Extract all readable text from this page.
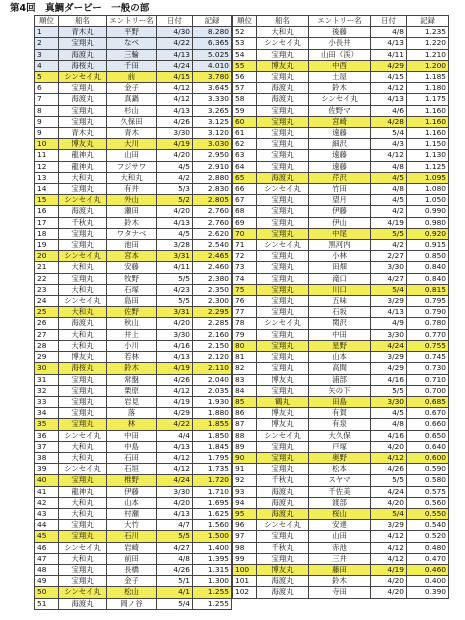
第4回　真鯛ダービー　一般の部
順位	船名	エントリー名	日付	記録
1	青木丸	平野	4/30	8.280
2	宝翔丸	なべ	4/22	6.365
3	海渡丸	三輪	4/13	5.025
4	海桜丸	千田	4/24	4.010
5	シンセイ丸	前	4/15	3.780
6	宝翔丸	金子	4/12	3.645
7	海渡丸	真鍋	4/12	3.330
8	宝翔丸	杉山	4/13	3.265
9	宝翔丸	久保田	4/26	3.125
9	青木丸	青木	3/30	3.120
10	博友丸	大川	4/19	3.030
11	龍神丸	山田	4/20	2.950
12	龍神丸	フジサワ	4/5	2.910
13	大和丸	大和丸	4/2	2.880
14	宝翔丸	有井	5/3	2.830
15	シンセイ丸	外山	5/2	2.805
16	海渡丸	瀬田	4/20	2.760
17	千秋丸	鈴木	4/13	2.760
18	宝翔丸	ワタナベ	4/5	2.620
19	宝翔丸	池田	3/28	2.540
20	シンセイ丸	宮本	3/31	2.465
21	大和丸	安藤	4/11	2.460
22	宝翔丸	牧野	5/5	2.380
23	大和丸	石塚	4/23	2.350
24	シンセイ丸	島田	5/5	2.300
25	大和丸	佐野	3/31	2.295
26	海渡丸	秋山	4/20	2.285
27	大和丸	井上	3/30	2.160
28	大和丸	小川	4/16	2.150
29	博友丸	若林	4/13	2.120
30	海桜丸	鈴木	4/19	2.110
31	宝翔丸	常盤	4/26	2.040
32	宝翔丸	栗原	4/12	2.035
33	宝翔丸	岩見	4/19	1.930
34	宝翔丸	落	4/29	1.880
35	宝翔丸	林	4/22	1.855
36	シンセイ丸	中田	4/4	1.850
37	大和丸	中島	4/13	1.845
38	大和丸	石田	4/12	1.795
39	シンセイ丸	石垣	4/12	1.735
40	宝翔丸	椎野	4/24	1.720
41	龍神丸	伊藤	3/30	1.710
42	大和丸	山本	4/20	1.695
43	大和丸	村瀬	4/13	1.625
44	宝翔丸	大竹	4/7	1.560
45	宝翔丸	石川	5/5	1.500
46	シンセイ丸	岩崎	4/27	1.400
47	大和丸	前田	4/8	1.395
48	宝翔丸	長橋	4/26	1.315
49	宝翔丸	金子	5/1	1.300
50	シンセイ丸	松山	4/1	1.255
51	海渡丸	岡ノ谷	5/4	1.255
順位	船名	エントリー名	日付	記録
52	大和丸	後藤	4/8	1.235
53	シンセイ丸	小長井	4/13	1.220
54	宝翔丸	山田（渓）	4/11	1.210
55	博友丸	中西	4/29	1.200
56	宝翔丸	土屋	4/15	1.185
57	海渡丸	鈴木	4/12	1.180
58	海渡丸	シンセイ丸	4/13	1.175
59	宝翔丸	佐野マ	4/6	1.160
60	宝翔丸	宮崎	4/28	1.160
61	宝翔丸	遠藤	5/4	1.160
62	宝翔丸	細沢	4/3	1.150
63	宝翔丸	遠藤	4/12	1.130
64	宝翔丸	遠藤	4/8	1.125
65	海渡丸	芹沢	4/5	1.095
66	シンセイ丸	竹田	4/8	1.080
67	宝翔丸	望月	4/5	1.050
68	宝翔丸	伊藤	4/2	0.990
69	宝翔丸	伊山	4/19	0.980
70	宝翔丸	中尾	5/5	0.920
71	シンセイ丸	黒河内	4/2	0.915
72	宝翔丸	小林	2/27	0.850
73	宝翔丸	田畑	3/30	0.840
74	宝翔丸	滝口	4/27	0.840
75	宝翔丸	川口	5/4	0.815
76	宝翔丸	五味	3/29	0.795
77	宝翔丸	石坂	4/13	0.790
78	シンセイ丸	関沢	4/9	0.780
79	宝翔丸	中田	3/30	0.770
80	宝翔丸	星野	4/24	0.755
81	宝翔丸	山本	3/29	0.745
82	宝翔丸	高間	4/29	0.730
83	博友丸	浦部	4/16	0.710
84	宝翔丸	矢の下	5/5	0.700
85	鶴丸	田島	3/30	0.685
86	博友丸	有賀	4/5	0.670
87	博友丸	有泉	4/8	0.660
88	シンセイ丸	大久保	4/16	0.650
89	宝翔丸	戸塚	4/20	0.640
90	宝翔丸	奥野	4/12	0.600
91	宝翔丸	松本	4/26	0.590
92	千秋丸	スヤマ	5/5	0.580
93	海渡丸	千佐美	4/24	0.575
94	海渡丸	渡部	4/20	0.560
95	海渡丸	桜山	5/4	0.550
96	シンセイ丸	安達	3/29	0.540
97	宝翔丸	山田	4/12	0.520
98	千秋丸	赤池	4/12	0.480
99	宝翔丸	三井	4/12	0.470
100	博友丸	藤田	4/19	0.460
101	海渡丸	鈴木	4/20	0.400
102	海渡丸	寺田	4/20	0.390
